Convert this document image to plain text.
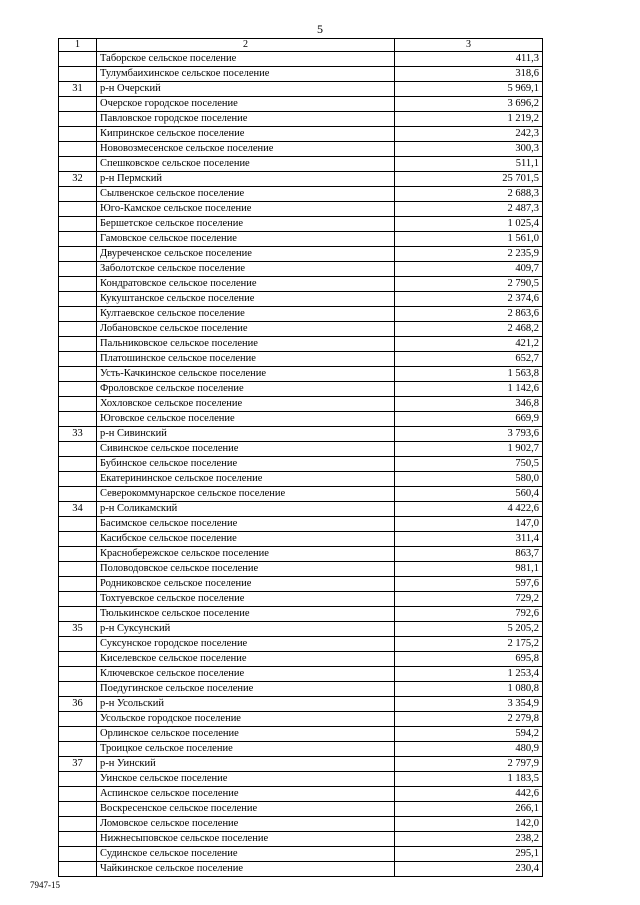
5
1	2	3
	Таборское сельское поселение	411,3
	Тулумбаихинское сельское поселение	318,6
31	р-н Очерский	5 969,1
	Очерское городское поселение	3 696,2
	Павловское городское поселение	1 219,2
	Кипринское сельское поселение	242,3
	Нововозмесенское сельское поселение	300,3
	Спешковское сельское поселение	511,1
32	р-н Пермский	25 701,5
	Сылвенское сельское поселение	2 688,3
	Юго-Камское сельское поселение	2 487,3
	Бершетское сельское поселение	1 025,4
	Гамовское сельское поселение	1 561,0
	Двуреченское сельское поселение	2 235,9
	Заболотское сельское поселение	409,7
	Кондратовское сельское поселение	2 790,5
	Кукуштанское сельское поселение	2 374,6
	Култаевское сельское поселение	2 863,6
	Лобановское сельское поселение	2 468,2
	Пальниковское сельское поселение	421,2
	Платошинское сельское поселение	652,7
	Усть-Качкинское сельское поселение	1 563,8
	Фроловское сельское поселение	1 142,6
	Хохловское сельское поселение	346,8
	Юговское сельское поселение	669,9
33	р-н Сивинский	3 793,6
	Сивинское сельское поселение	1 902,7
	Бубинское сельское поселение	750,5
	Екатерининское сельское поселение	580,0
	Северокоммунарское сельское поселение	560,4
34	р-н Соликамский	4 422,6
	Басимское сельское поселение	147,0
	Касибское сельское поселение	311,4
	Краснобережское сельское поселение	863,7
	Половодовское сельское поселение	981,1
	Родниковское сельское поселение	597,6
	Тохтуевское сельское поселение	729,2
	Тюлькинское сельское поселение	792,6
35	р-н Суксунский	5 205,2
	Суксунское городское поселение	2 175,2
	Киселевское сельское поселение	695,8
	Ключевское сельское поселение	1 253,4
	Поедугинское сельское поселение	1 080,8
36	р-н Усольский	3 354,9
	Усольское городское поселение	2 279,8
	Орлинское сельское поселение	594,2
	Троицкое сельское поселение	480,9
37	р-н Уинский	2 797,9
	Уинское сельское поселение	1 183,5
	Аспинское сельское поселение	442,6
	Воскресенское сельское поселение	266,1
	Ломовское сельское поселение	142,0
	Нижнесыповское сельское поселение	238,2
	Судинское сельское поселение	295,1
	Чайкинское сельское поселение	230,4
7947-15
